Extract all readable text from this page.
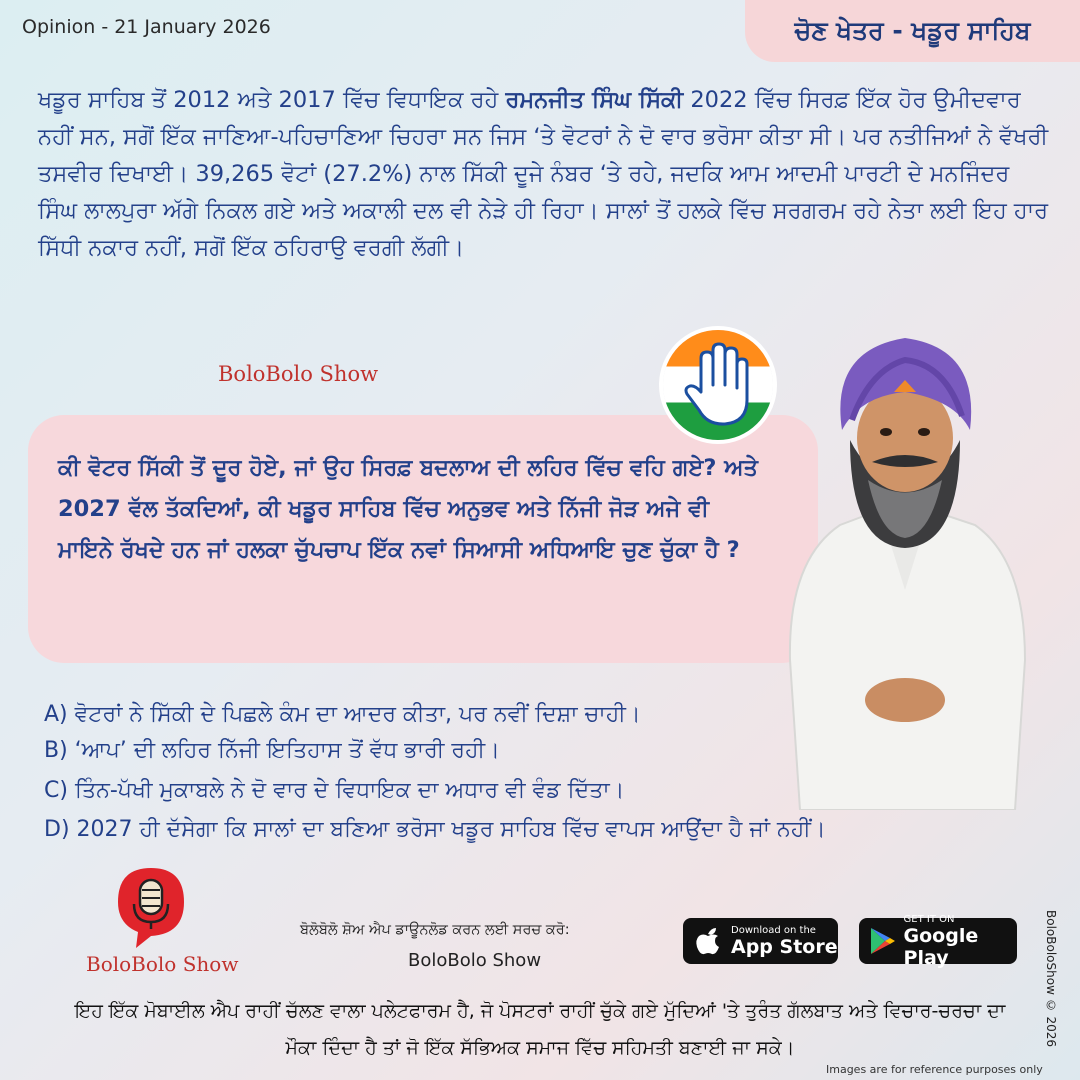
Opinion - 21 January 2026	ਚੋਣ ਖੇਤਰ - ਖਡੂਰ ਸਾਹਿਬ
ਖਡੂਰ ਸਾਹਿਬ ਤੋਂ 2012 ਅਤੇ 2017 ਵਿੱਚ ਵਿਧਾਇਕ ਰਹੇ ਰਮਨਜੀਤ ਸਿੰਘ ਸਿੱਕੀ 2022 ਵਿੱਚ ਸਿਰਫ਼ ਇੱਕ ਹੋਰ ਉਮੀਦਵਾਰ ਨਹੀਂ ਸਨ, ਸਗੋਂ ਇੱਕ ਜਾਣਿਆ-ਪਹਿਚਾਣਿਆ ਚਿਹਰਾ ਸਨ ਜਿਸ ‘ਤੇ ਵੋਟਰਾਂ ਨੇ ਦੋ ਵਾਰ ਭਰੋਸਾ ਕੀਤਾ ਸੀ। ਪਰ ਨਤੀਜਿਆਂ ਨੇ ਵੱਖਰੀ ਤਸਵੀਰ ਦਿਖਾਈ। 39,265 ਵੋਟਾਂ (27.2%) ਨਾਲ ਸਿੱਕੀ ਦੂਜੇ ਨੰਬਰ ‘ਤੇ ਰਹੇ, ਜਦਕਿ ਆਮ ਆਦਮੀ ਪਾਰਟੀ ਦੇ ਮਨਜਿੰਦਰ ਸਿੰਘ ਲਾਲਪੁਰਾ ਅੱਗੇ ਨਿਕਲ ਗਏ ਅਤੇ ਅਕਾਲੀ ਦਲ ਵੀ ਨੇੜੇ ਹੀ ਰਿਹਾ। ਸਾਲਾਂ ਤੋਂ ਹਲਕੇ ਵਿੱਚ ਸਰਗਰਮ ਰਹੇ ਨੇਤਾ ਲਈ ਇਹ ਹਾਰ ਸਿੱਧੀ ਨਕਾਰ ਨਹੀਂ, ਸਗੋਂ ਇੱਕ ਠਹਿਰਾਉ ਵਰਗੀ ਲੱਗੀ।
BoloBolo Show
ਕੀ ਵੋਟਰ ਸਿੱਕੀ ਤੋਂ ਦੂਰ ਹੋਏ, ਜਾਂ ਉਹ ਸਿਰਫ਼ ਬਦਲਾਅ ਦੀ ਲਹਿਰ ਵਿੱਚ ਵਹਿ ਗਏ? ਅਤੇ 2027 ਵੱਲ ਤੱਕਦਿਆਂ, ਕੀ ਖਡੂਰ ਸਾਹਿਬ ਵਿੱਚ ਅਨੁਭਵ ਅਤੇ ਨਿੱਜੀ ਜੋੜ ਅਜੇ ਵੀ ਮਾਇਨੇ ਰੱਖਦੇ ਹਨ ਜਾਂ ਹਲਕਾ ਚੁੱਪਚਾਪ ਇੱਕ ਨਵਾਂ ਸਿਆਸੀ ਅਧਿਆਇ ਚੁਣ ਚੁੱਕਾ ਹੈ ?
A) ਵੋਟਰਾਂ ਨੇ ਸਿੱਕੀ ਦੇ ਪਿਛਲੇ ਕੰਮ ਦਾ ਆਦਰ ਕੀਤਾ, ਪਰ ਨਵੀਂ ਦਿਸ਼ਾ ਚਾਹੀ।
B) ‘ਆਪ’ ਦੀ ਲਹਿਰ ਨਿੱਜੀ ਇਤਿਹਾਸ ਤੋਂ ਵੱਧ ਭਾਰੀ ਰਹੀ।
C) ਤਿੰਨ-ਪੱਖੀ ਮੁਕਾਬਲੇ ਨੇ ਦੋ ਵਾਰ ਦੇ ਵਿਧਾਇਕ ਦਾ ਅਧਾਰ ਵੀ ਵੰਡ ਦਿੱਤਾ।
D) 2027 ਹੀ ਦੱਸੇਗਾ ਕਿ ਸਾਲਾਂ ਦਾ ਬਣਿਆ ਭਰੋਸਾ ਖਡੂਰ ਸਾਹਿਬ ਵਿੱਚ ਵਾਪਸ ਆਉਂਦਾ ਹੈ ਜਾਂ ਨਹੀਂ।
BoloBolo Show
ਬੋਲੋਬੋਲੋ ਸ਼ੋਅ ਐਪ ਡਾਊਨਲੋਡ ਕਰਨ ਲਈ ਸਰਚ ਕਰੋ:
BoloBolo Show
Download on the
App Store
GET IT ON
Google Play
ਇਹ ਇੱਕ ਮੋਬਾਈਲ ਐਪ ਰਾਹੀਂ ਚੱਲਣ ਵਾਲਾ ਪਲੇਟਫਾਰਮ ਹੈ, ਜੋ ਪੋਸਟਰਾਂ ਰਾਹੀਂ ਚੁੱਕੇ ਗਏ ਮੁੱਦਿਆਂ 'ਤੇ ਤੁਰੰਤ ਗੱਲਬਾਤ ਅਤੇ ਵਿਚਾਰ-ਚਰਚਾ ਦਾ ਮੌਕਾ ਦਿੰਦਾ ਹੈ ਤਾਂ ਜੋ ਇੱਕ ਸੱਭਿਅਕ ਸਮਾਜ ਵਿੱਚ ਸਹਿਮਤੀ ਬਣਾਈ ਜਾ ਸਕੇ।
BoloBoloShow © 2026
Images are for reference purposes only
